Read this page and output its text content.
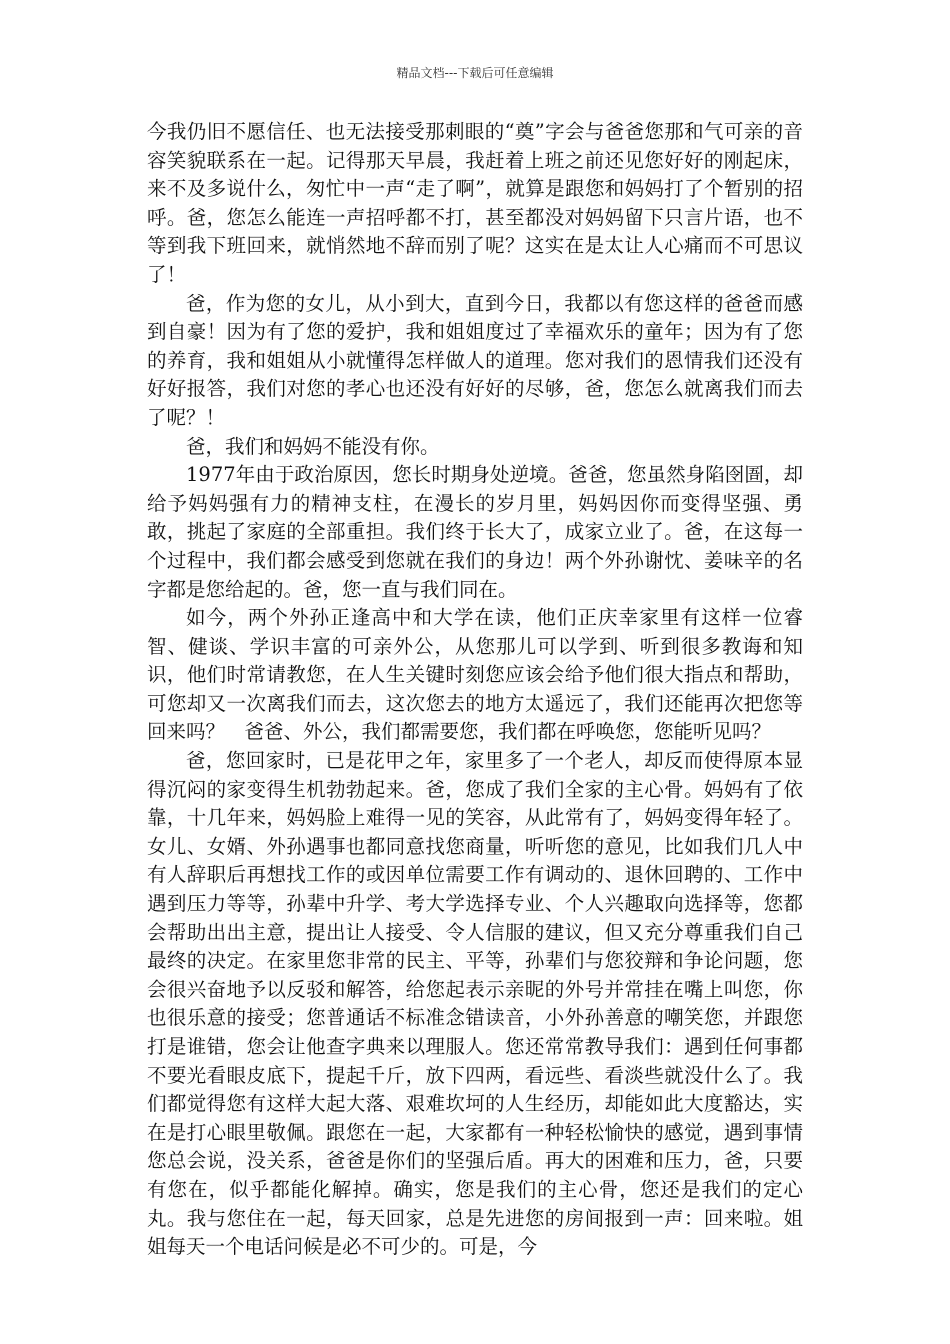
精品文档---下载后可任意编辑

今我仍旧不愿信任、也无法接受那刺眼的“奠”字会与爸爸您那和气可亲的音容笑貌联系在一起。记得那天早晨，我赶着上班之前还见您好好的刚起床，来不及多说什么，匆忙中一声“走了啊”，就算是跟您和妈妈打了个暂别的招呼。爸，您怎么能连一声招呼都不打，甚至都没对妈妈留下只言片语，也不等到我下班回来，就悄然地不辞而别了呢？这实在是太让人心痛而不可思议了！

爸，作为您的女儿，从小到大，直到今日，我都以有您这样的爸爸而感到自豪！因为有了您的爱护，我和姐姐度过了幸福欢乐的童年；因为有了您的养育，我和姐姐从小就懂得怎样做人的道理。您对我们的恩情我们还没有好好报答，我们对您的孝心也还没有好好的尽够，爸，您怎么就离我们而去了呢？！

爸，我们和妈妈不能没有你。

1977年由于政治原因，您长时期身处逆境。爸爸，您虽然身陷囹圄，却给予妈妈强有力的精神支柱，在漫长的岁月里，妈妈因你而变得坚强、勇敢，挑起了家庭的全部重担。我们终于长大了，成家立业了。爸，在这每一个过程中，我们都会感受到您就在我们的身边！两个外孙谢忱、姜味辛的名字都是您给起的。爸，您一直与我们同在。

如今，两个外孙正逢高中和大学在读，他们正庆幸家里有这样一位睿智、健谈、学识丰富的可亲外公，从您那儿可以学到、听到很多教诲和知识，他们时常请教您，在人生关键时刻您应该会给予他们很大指点和帮助，可您却又一次离我们而去，这次您去的地方太遥远了，我们还能再次把您等回来吗？　爸爸、外公，我们都需要您，我们都在呼唤您，您能听见吗？

爸，您回家时，已是花甲之年，家里多了一个老人，却反而使得原本显得沉闷的家变得生机勃勃起来。爸，您成了我们全家的主心骨。妈妈有了依靠，十几年来，妈妈脸上难得一见的笑容，从此常有了，妈妈变得年轻了。女儿、女婿、外孙遇事也都同意找您商量，听听您的意见，比如我们几人中有人辞职后再想找工作的或因单位需要工作有调动的、退休回聘的、工作中遇到压力等等，孙辈中升学、考大学选择专业、个人兴趣取向选择等，您都会帮助出出主意，提出让人接受、令人信服的建议，但又充分尊重我们自己最终的决定。在家里您非常的民主、平等，孙辈们与您狡辩和争论问题，您会很兴奋地予以反驳和解答，给您起表示亲昵的外号并常挂在嘴上叫您，你也很乐意的接受；您普通话不标准念错读音，小外孙善意的嘲笑您，并跟您打是谁错，您会让他查字典来以理服人。您还常常教导我们：遇到任何事都不要光看眼皮底下，提起千斤，放下四两，看远些、看淡些就没什么了。我们都觉得您有这样大起大落、艰难坎坷的人生经历，却能如此大度豁达，实在是打心眼里敬佩。跟您在一起，大家都有一种轻松愉快的感觉，遇到事情您总会说，没关系，爸爸是你们的坚强后盾。再大的困难和压力，爸，只要有您在，似乎都能化解掉。确实，您是我们的主心骨，您还是我们的定心丸。我与您住在一起，每天回家，总是先进您的房间报到一声：回来啦。姐姐每天一个电话问候是必不可少的。可是，今
